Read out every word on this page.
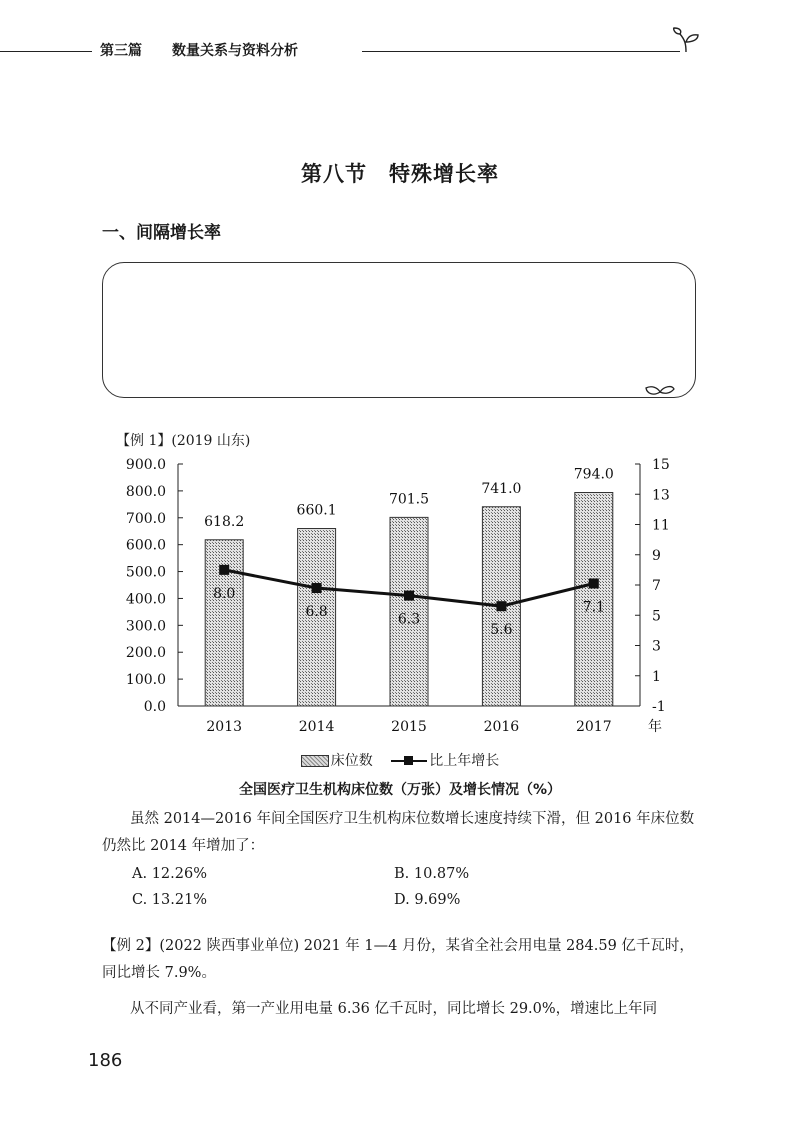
第三篇 数量关系与资料分析
第八节　特殊增长率
一、间隔增长率
【例 1】(2019 山东)
0.0
100.0
200.0
300.0
400.0
500.0
600.0
700.0
800.0
900.0
-1
1
3
5
7
9
11
13
15
618.2
660.1
701.5
741.0
794.0
8.0
6.8	6.3
5.6
7.1
2013	2014	2015	2016	2017	年
床位数	比上年增长
全国医疗卫生机构床位数（万张）及增长情况（%）
虽然 2014—2016 年间全国医疗卫生机构床位数增长速度持续下滑，但 2016 年床位数仍然比 2014 年增加了：
A. 12.26%	B. 10.87%
C. 13.21%	D. 9.69%
【例 2】(2022 陕西事业单位) 2021 年 1—4 月份，某省全社会用电量 284.59 亿千瓦时，同比增长 7.9%。
从不同产业看，第一产业用电量 6.36 亿千瓦时，同比增长 29.0%，增速比上年同
186
